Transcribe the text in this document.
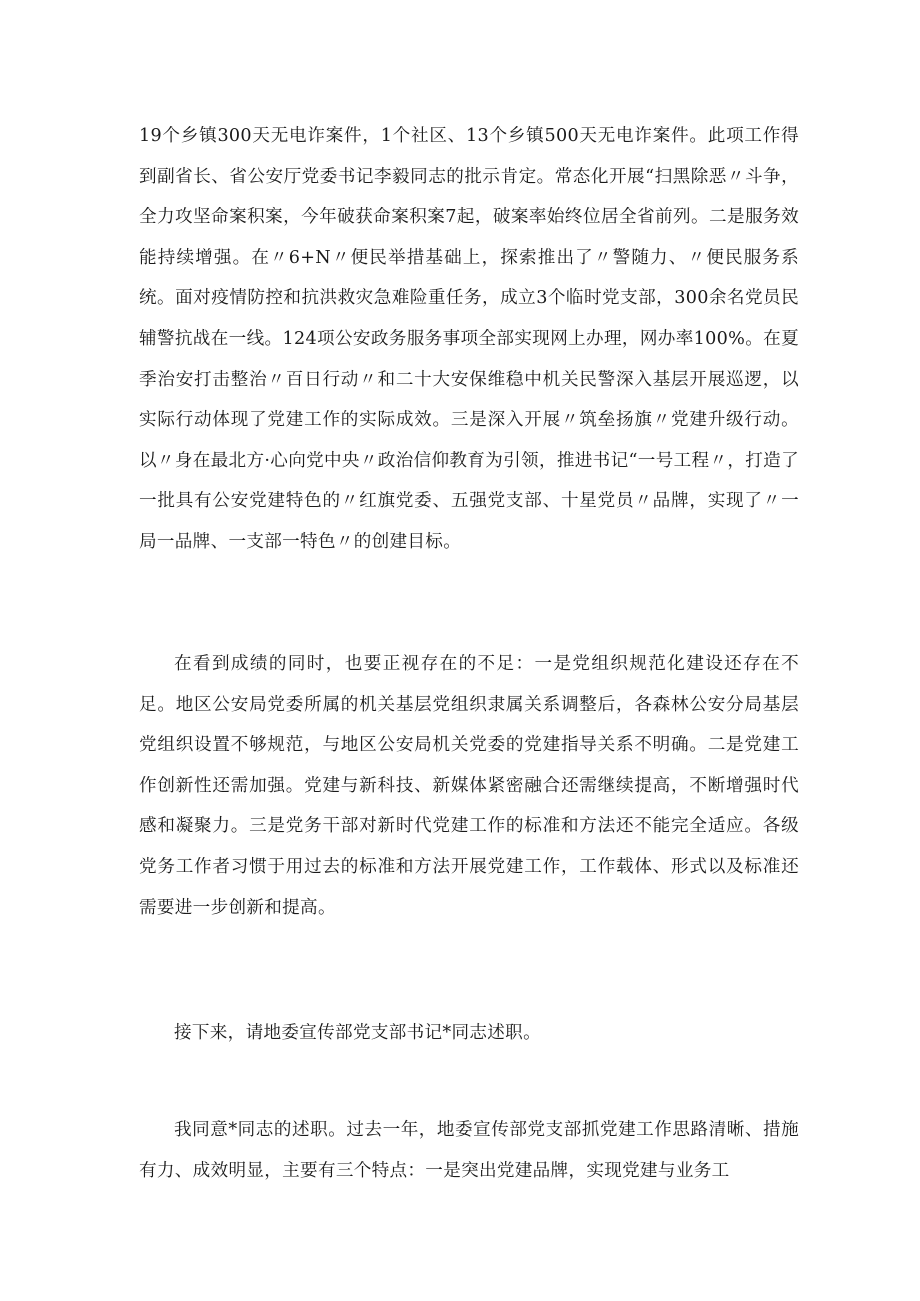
19个乡镇300天无电诈案件，1个社区、13个乡镇500天无电诈案件。此项工作得到副省长、省公安厅党委书记李毅同志的批示肯定。常态化开展“扫黑除恶〃斗争，全力攻坚命案积案，今年破获命案积案7起，破案率始终位居全省前列。二是服务效能持续增强。在〃6+N〃便民举措基础上，探索推出了〃警随力、〃便民服务系统。面对疫情防控和抗洪救灾急难险重任务，成立3个临时党支部，300余名党员民辅警抗战在一线。124项公安政务服务事项全部实现网上办理，网办率100%。在夏季治安打击整治〃百日行动〃和二十大安保维稳中机关民警深入基层开展巡逻，以实际行动体现了党建工作的实际成效。三是深入开展〃筑垒扬旗〃党建升级行动。以〃身在最北方·心向党中央〃政治信仰教育为引领，推进书记“一号工程〃，打造了一批具有公安党建特色的〃红旗党委、五强党支部、十星党员〃品牌，实现了〃一局一品牌、一支部一特色〃的创建目标。

在看到成绩的同时，也要正视存在的不足：一是党组织规范化建设还存在不足。地区公安局党委所属的机关基层党组织隶属关系调整后，各森林公安分局基层党组织设置不够规范，与地区公安局机关党委的党建指导关系不明确。二是党建工作创新性还需加强。党建与新科技、新媒体紧密融合还需继续提高，不断增强时代感和凝聚力。三是党务干部对新时代党建工作的标准和方法还不能完全适应。各级党务工作者习惯于用过去的标准和方法开展党建工作，工作载体、形式以及标准还需要进一步创新和提高。

接下来，请地委宣传部党支部书记*同志述职。

我同意*同志的述职。过去一年，地委宣传部党支部抓党建工作思路清晰、措施有力、成效明显，主要有三个特点：一是突出党建品牌，实现党建与业务工
